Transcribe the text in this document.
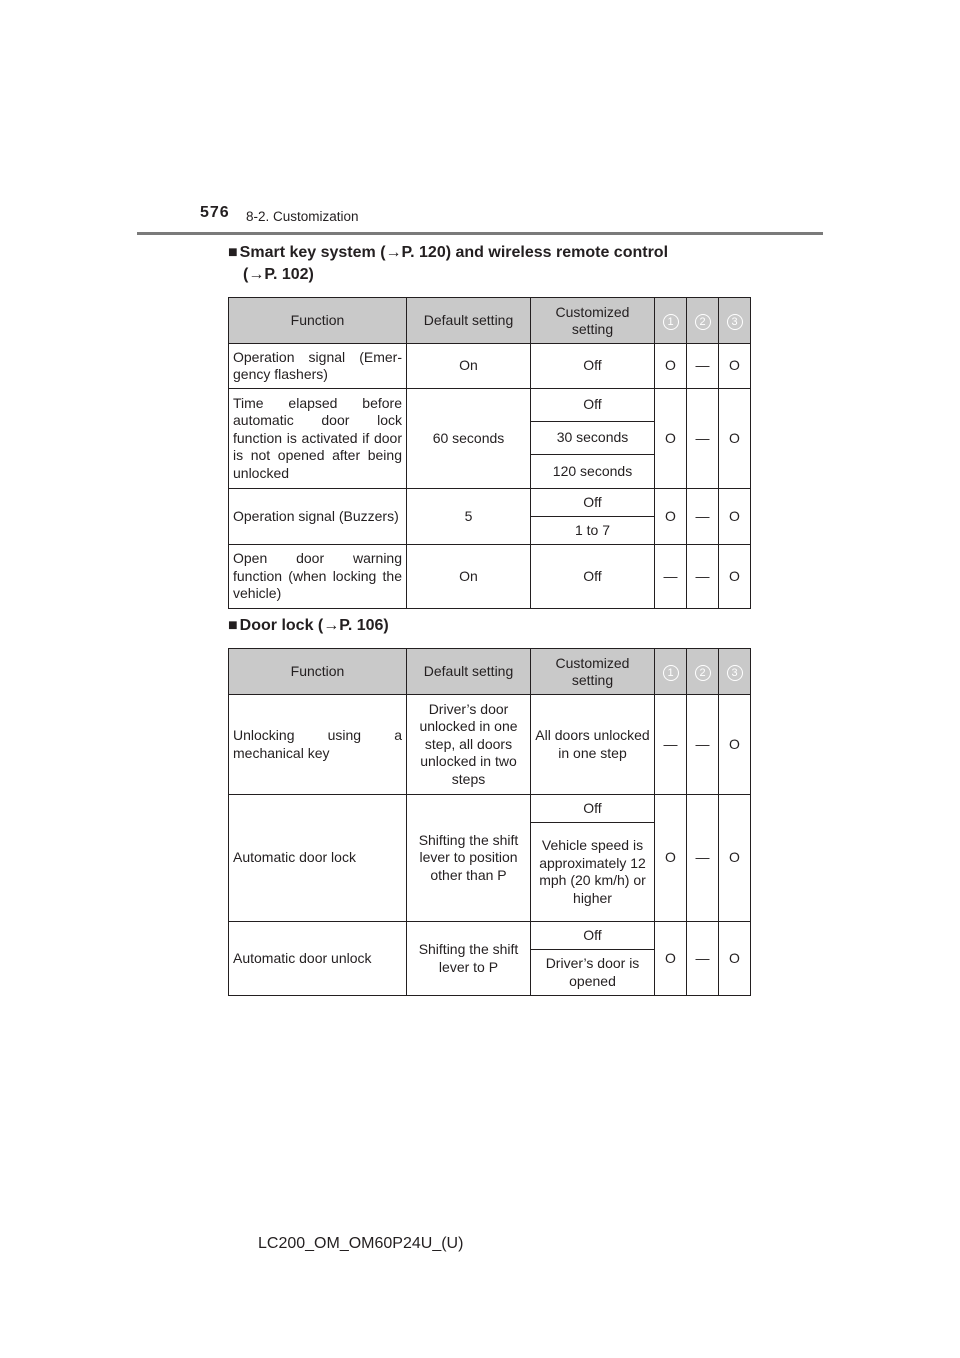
576 8-2. Customization
■ Smart key system (→P. 120) and wireless remote control
(→P. 102)
Function	Default setting	Customized setting	1	2	3
Operation signal (Emer- gency flashers)	On	Off	O	—	O
Time elapsed before automatic door lock function is activated if door is not opened after being unlocked	60 seconds	Off	O	—	O
		30 seconds			
		120 seconds			
Operation signal (Buzzers)	5	Off	O	—	O
		1 to 7			
Open door warning function (when locking the vehicle)	On	Off	—	—	O
■ Door lock (→P. 106)
Function	Default setting	Customized setting	1	2	3
Unlocking using a mechanical key	Driver’s door unlocked in one step, all doors unlocked in two steps	All doors unlocked in one step	—	—	O
Automatic door lock	Shifting the shift lever to position other than P	Off	O	—	O
		Vehicle speed is approximately 12 mph (20 km/h) or higher			
Automatic door unlock	Shifting the shift lever to P	Off	O	—	O
		Driver’s door is opened			
LC200_OM_OM60P24U_(U)
